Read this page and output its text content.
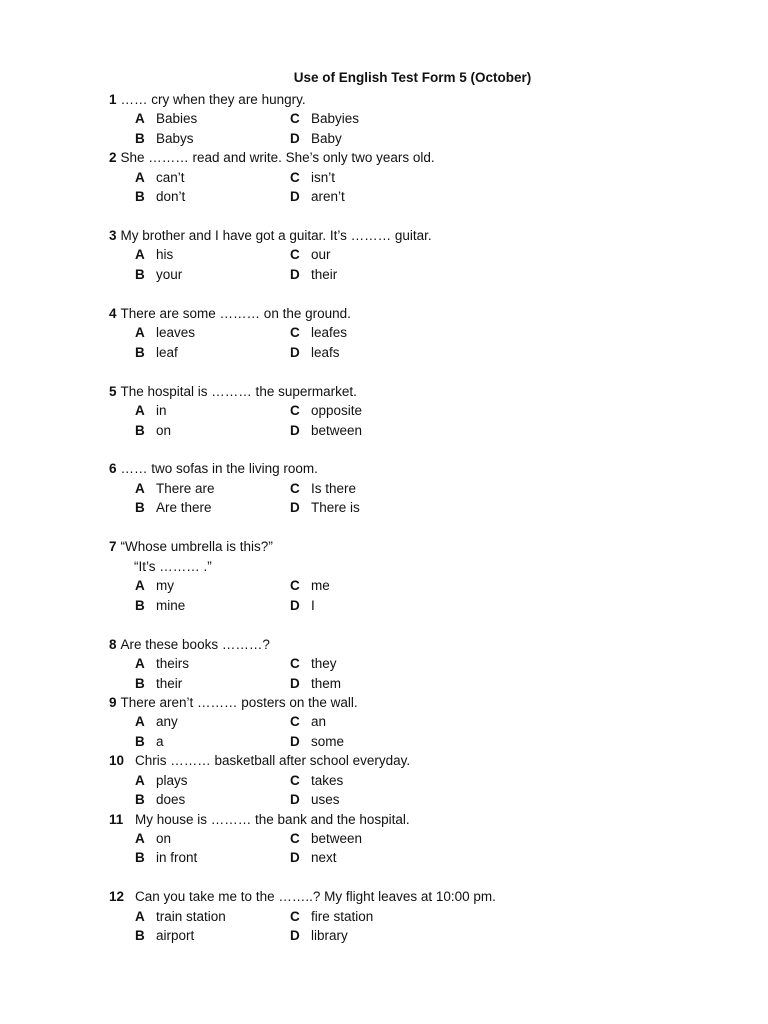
Use of English Test Form 5 (October)
1 …… cry when they are hungry.
A Babies	C Babyies
B Babys	D Baby
2 She ……… read and write. She’s only two years old.
A can’t	C isn’t
B don’t	D aren’t
3 My brother and I have got a guitar. It’s ……… guitar.
A his	C our
B your	D their
4 There are some ……… on the ground.
A leaves	C leafes
B leaf	D leafs
5 The hospital is ……… the supermarket.
A in	C opposite
B on	D between
6 …… two sofas in the living room.
A There are	C Is there
B Are there	D There is
7 “Whose umbrella is this?”
“It’s ……… .”
A my	C me
B mine	D I
8 Are these books ………?
A theirs	C they
B their	D them
9 There aren’t ……… posters on the wall.
A any	C an
B a	D some
10 Chris ……… basketball after school everyday.
A plays	C takes
B does	D uses
11 My house is ……… the bank and the hospital.
A on	C between
B in front	D next
12 Can you take me to the ……..? My flight leaves at 10:00 pm.
A train station	C fire station
B airport	D library
